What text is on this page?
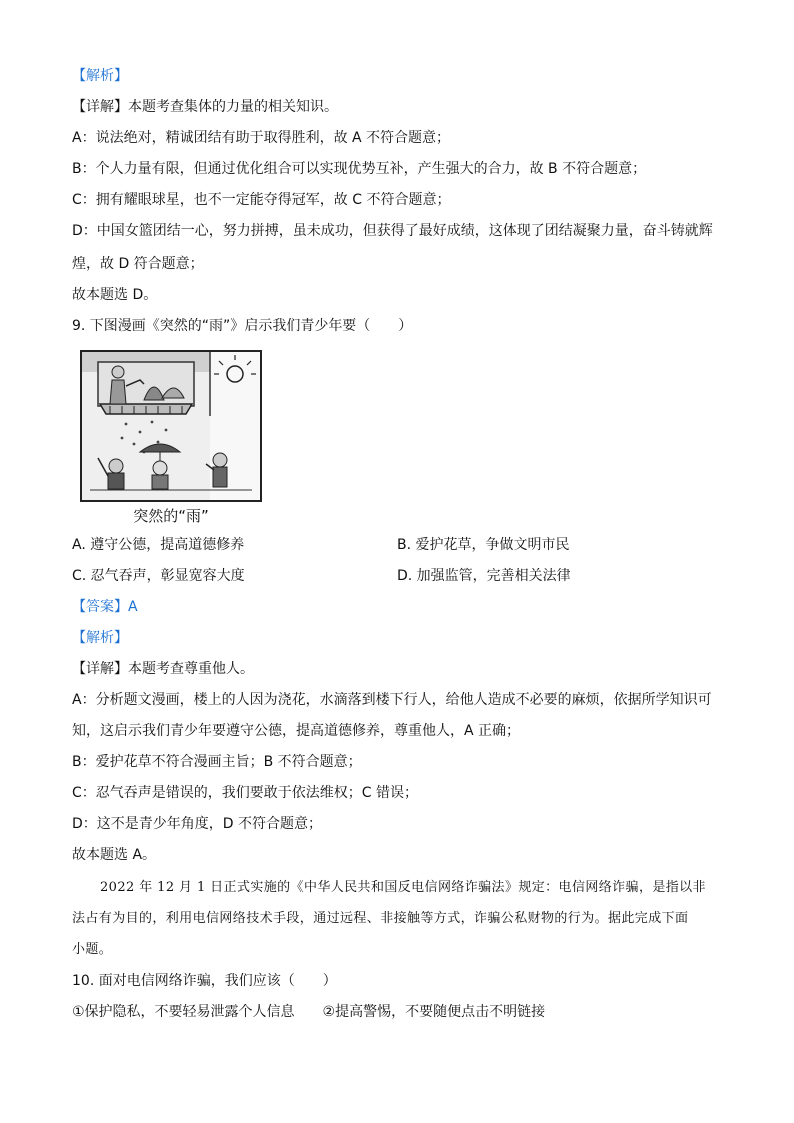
【解析】
【详解】本题考查集体的力量的相关知识。
A：说法绝对，精诚团结有助于取得胜利，故 A 不符合题意；
B：个人力量有限，但通过优化组合可以实现优势互补，产生强大的合力，故 B 不符合题意；
C：拥有耀眼球星，也不一定能夺得冠军，故 C 不符合题意；
D：中国女篮团结一心，努力拼搏，虽未成功，但获得了最好成绩，这体现了团结凝聚力量，奋斗铸就辉
煌，故 D 符合题意；
故本题选 D。
9. 下图漫画《突然的“雨”》启示我们青少年要（　　）
突然的“雨”
A. 遵守公德，提高道德修养	B. 爱护花草，争做文明市民
C. 忍气吞声，彰显宽容大度	D. 加强监管，完善相关法律
【答案】A
【解析】
【详解】本题考查尊重他人。
A：分析题文漫画，楼上的人因为浇花，水滴落到楼下行人，给他人造成不必要的麻烦，依据所学知识可
知，这启示我们青少年要遵守公德，提高道德修养，尊重他人，A 正确；
B：爱护花草不符合漫画主旨；B 不符合题意；
C：忍气吞声是错误的，我们要敢于依法维权；C 错误；
D：这不是青少年角度，D 不符合题意；
故本题选 A。
2022 年 12 月 1 日正式实施的《中华人民共和国反电信网络诈骗法》规定：电信网络诈骗，是指以非
法占有为目的，利用电信网络技术手段，通过远程、非接触等方式，诈骗公私财物的行为。据此完成下面
小题。
10. 面对电信网络诈骗，我们应该（　　）
①保护隐私，不要轻易泄露个人信息　　②提高警惕，不要随便点击不明链接
